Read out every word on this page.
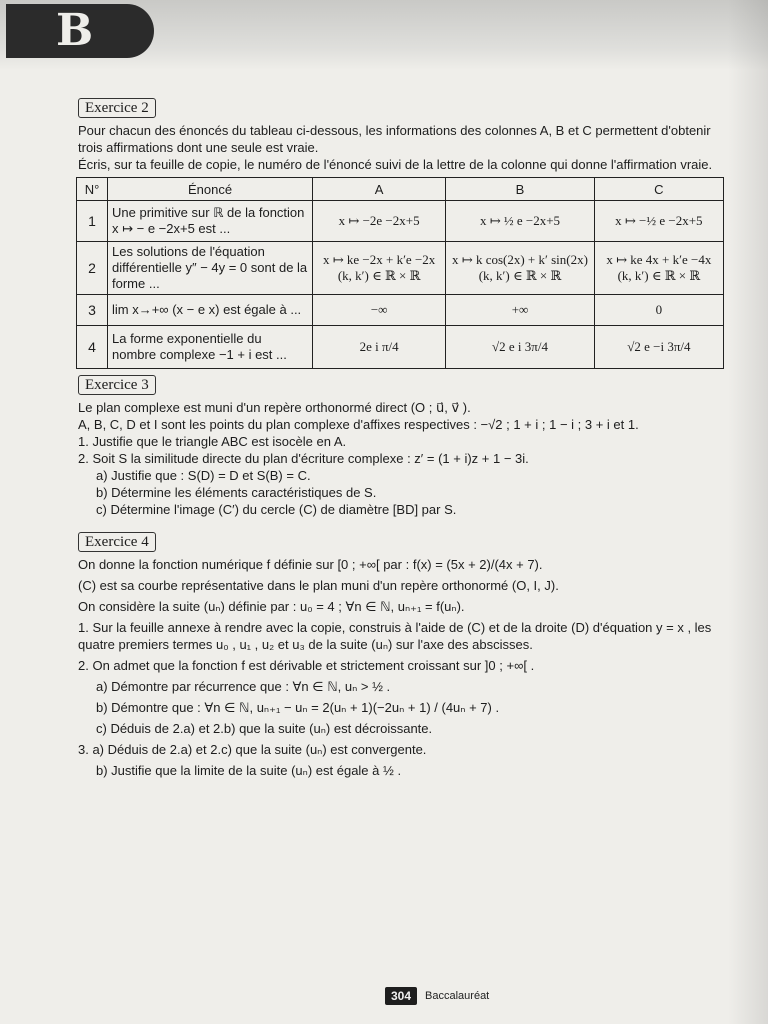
B
Exercice 2

Pour chacun des énoncés du tableau ci-dessous, les informations des colonnes A, B et C permettent d'obtenir trois affirmations dont une seule est vraie.

Écris, sur ta feuille de copie, le numéro de l'énoncé suivi de la lettre de la colonne qui donne l'affirmation vraie.

N°	Énoncé	A	B	C
1	Une primitive sur ℝ de la fonction x ↦ − e −2x+5 est ...	x ↦ −2e −2x+5	x ↦ ½ e −2x+5	x ↦ −½ e −2x+5
2	Les solutions de l'équation différentielle y″ − 4y = 0 sont de la forme ...	x ↦ ke −2x + k′e −2x (k, k′) ∈ ℝ × ℝ	x ↦ k cos(2x) + k′ sin(2x) (k, k′) ∈ ℝ × ℝ	x ↦ ke 4x + k′e −4x (k, k′) ∈ ℝ × ℝ
3	lim x→+∞ (x − e x) est égale à ...	−∞	+∞	0
4	La forme exponentielle du nombre complexe −1 + i est ...	2e i π/4	√2 e i 3π/4	√2 e −i 3π/4
Exercice 3

Le plan complexe est muni d'un repère orthonormé direct (O ; u⃗, v⃗ ).

A, B, C, D et I sont les points du plan complexe d'affixes respectives : −√2 ; 1 + i ; 1 − i ; 3 + i et 1.

1. Justifie que le triangle ABC est isocèle en A.

2. Soit S la similitude directe du plan d'écriture complexe : z′ = (1 + i)z + 1 − 3i.

a) Justifie que : S(D) = D et S(B) = C.

b) Détermine les éléments caractéristiques de S.

c) Détermine l'image (C′) du cercle (C) de diamètre [BD] par S.

Exercice 4

On donne la fonction numérique f définie sur [0 ; +∞[ par : f(x) = (5x + 2)/(4x + 7).

(C) est sa courbe représentative dans le plan muni d'un repère orthonormé (O, I, J).

On considère la suite (uₙ) définie par : u₀ = 4 ; ∀n ∈ ℕ, uₙ₊₁ = f(uₙ).

1. Sur la feuille annexe à rendre avec la copie, construis à l'aide de (C) et de la droite (D) d'équation y = x , les quatre premiers termes u₀ , u₁ , u₂ et u₃ de la suite (uₙ) sur l'axe des abscisses.

2. On admet que la fonction f est dérivable et strictement croissant sur ]0 ; +∞[ .

a) Démontre par récurrence que : ∀n ∈ ℕ, uₙ > ½ .

b) Démontre que : ∀n ∈ ℕ, uₙ₊₁ − uₙ = 2(uₙ + 1)(−2uₙ + 1) / (4uₙ + 7) .

c) Déduis de 2.a) et 2.b) que la suite (uₙ) est décroissante.

3. a) Déduis de 2.a) et 2.c) que la suite (uₙ) est convergente.

b) Justifie que la limite de la suite (uₙ) est égale à ½ .

304	Baccalauréat
